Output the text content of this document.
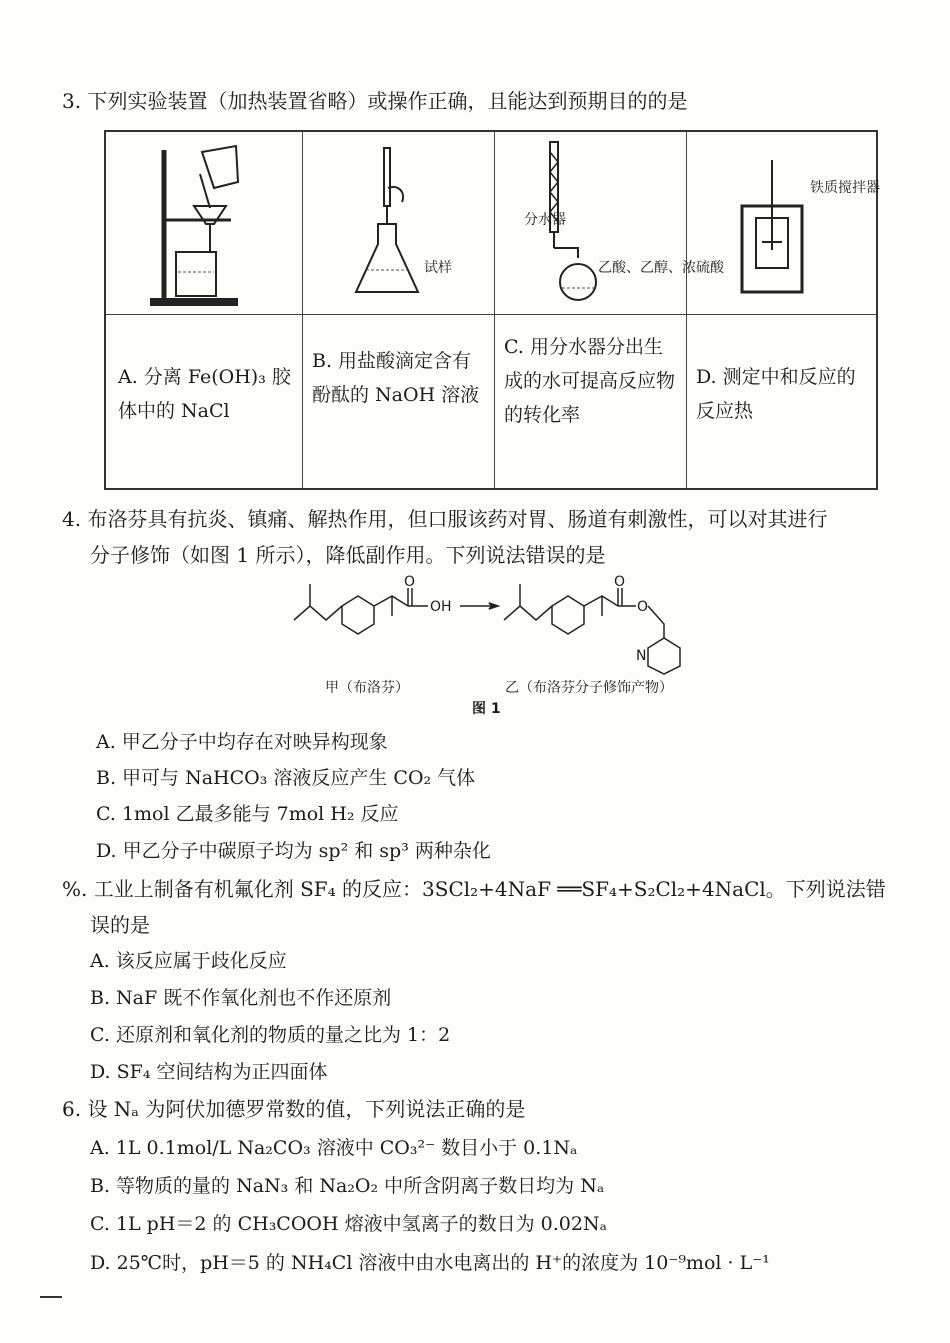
3. 下列实验装置（加热装置省略）或操作正确，且能达到预期目的的是
试样
分水器
乙酸、乙醇、浓硫酸
铁质搅拌器
A. 分离 Fe(OH)₃ 胶体中的 NaCl
B. 用盐酸滴定含有酚酞的 NaOH 溶液
C. 用分水器分出生成的水可提高反应物的转化率
D. 测定中和反应的反应热
4. 布洛芬具有抗炎、镇痛、解热作用，但口服该药对胃、肠道有刺激性，可以对其进行
分子修饰（如图 1 所示），降低副作用。下列说法错误的是
O
OH
O
O
N
甲（布洛芬）	乙（布洛芬分子修饰产物）
图 1
A. 甲乙分子中均存在对映异构现象
B. 甲可与 NaHCO₃ 溶液反应产生 CO₂ 气体
C. 1mol 乙最多能与 7mol H₂ 反应
D. 甲乙分子中碳原子均为 sp² 和 sp³ 两种杂化
%. 工业上制备有机氟化剂 SF₄ 的反应：3SCl₂+4NaF ══SF₄+S₂Cl₂+4NaCl。下列说法错
误的是
A. 该反应属于歧化反应
B. NaF 既不作氧化剂也不作还原剂
C. 还原剂和氧化剂的物质的量之比为 1：2
D. SF₄ 空间结构为正四面体
6. 设 Nₐ 为阿伏加德罗常数的值，下列说法正确的是
A. 1L 0.1mol/L Na₂CO₃ 溶液中 CO₃²⁻ 数目小于 0.1Nₐ
B. 等物质的量的 NaN₃ 和 Na₂O₂ 中所含阴离子数日均为 Nₐ
C. 1L pH＝2 的 CH₃COOH 熔液中氢离子的数日为 0.02Nₐ
D. 25℃时，pH＝5 的 NH₄Cl 溶液中由水电离出的 H⁺的浓度为 10⁻⁹mol · L⁻¹
